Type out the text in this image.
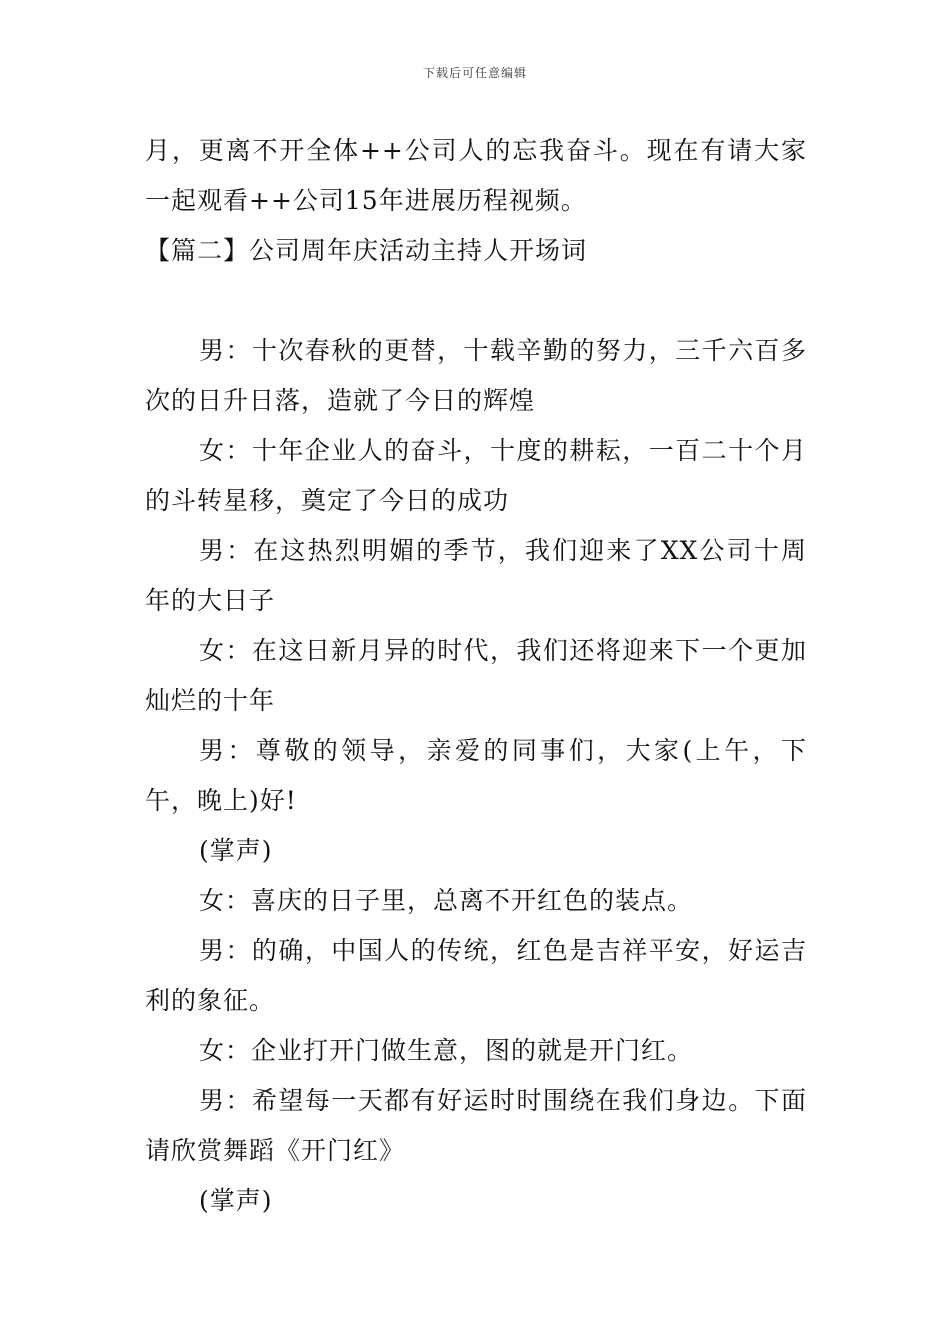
下载后可任意编辑

月，更离不开全体++公司人的忘我奋斗。现在有请大家一起观看++公司15年进展历程视频。

【篇二】公司周年庆活动主持人开场词

男：十次春秋的更替，十载辛勤的努力，三千六百多次的日升日落，造就了今日的辉煌

女：十年企业人的奋斗，十度的耕耘，一百二十个月的斗转星移，奠定了今日的成功

男：在这热烈明媚的季节，我们迎来了XX公司十周年的大日子

女：在这日新月异的时代，我们还将迎来下一个更加灿烂的十年

男：尊敬的领导，亲爱的同事们，大家(上午，下午，晚上)好!

(掌声)

女：喜庆的日子里，总离不开红色的装点。

男：的确，中国人的传统，红色是吉祥平安，好运吉利的象征。

女：企业打开门做生意，图的就是开门红。

男：希望每一天都有好运时时围绕在我们身边。下面请欣赏舞蹈《开门红》

(掌声)
